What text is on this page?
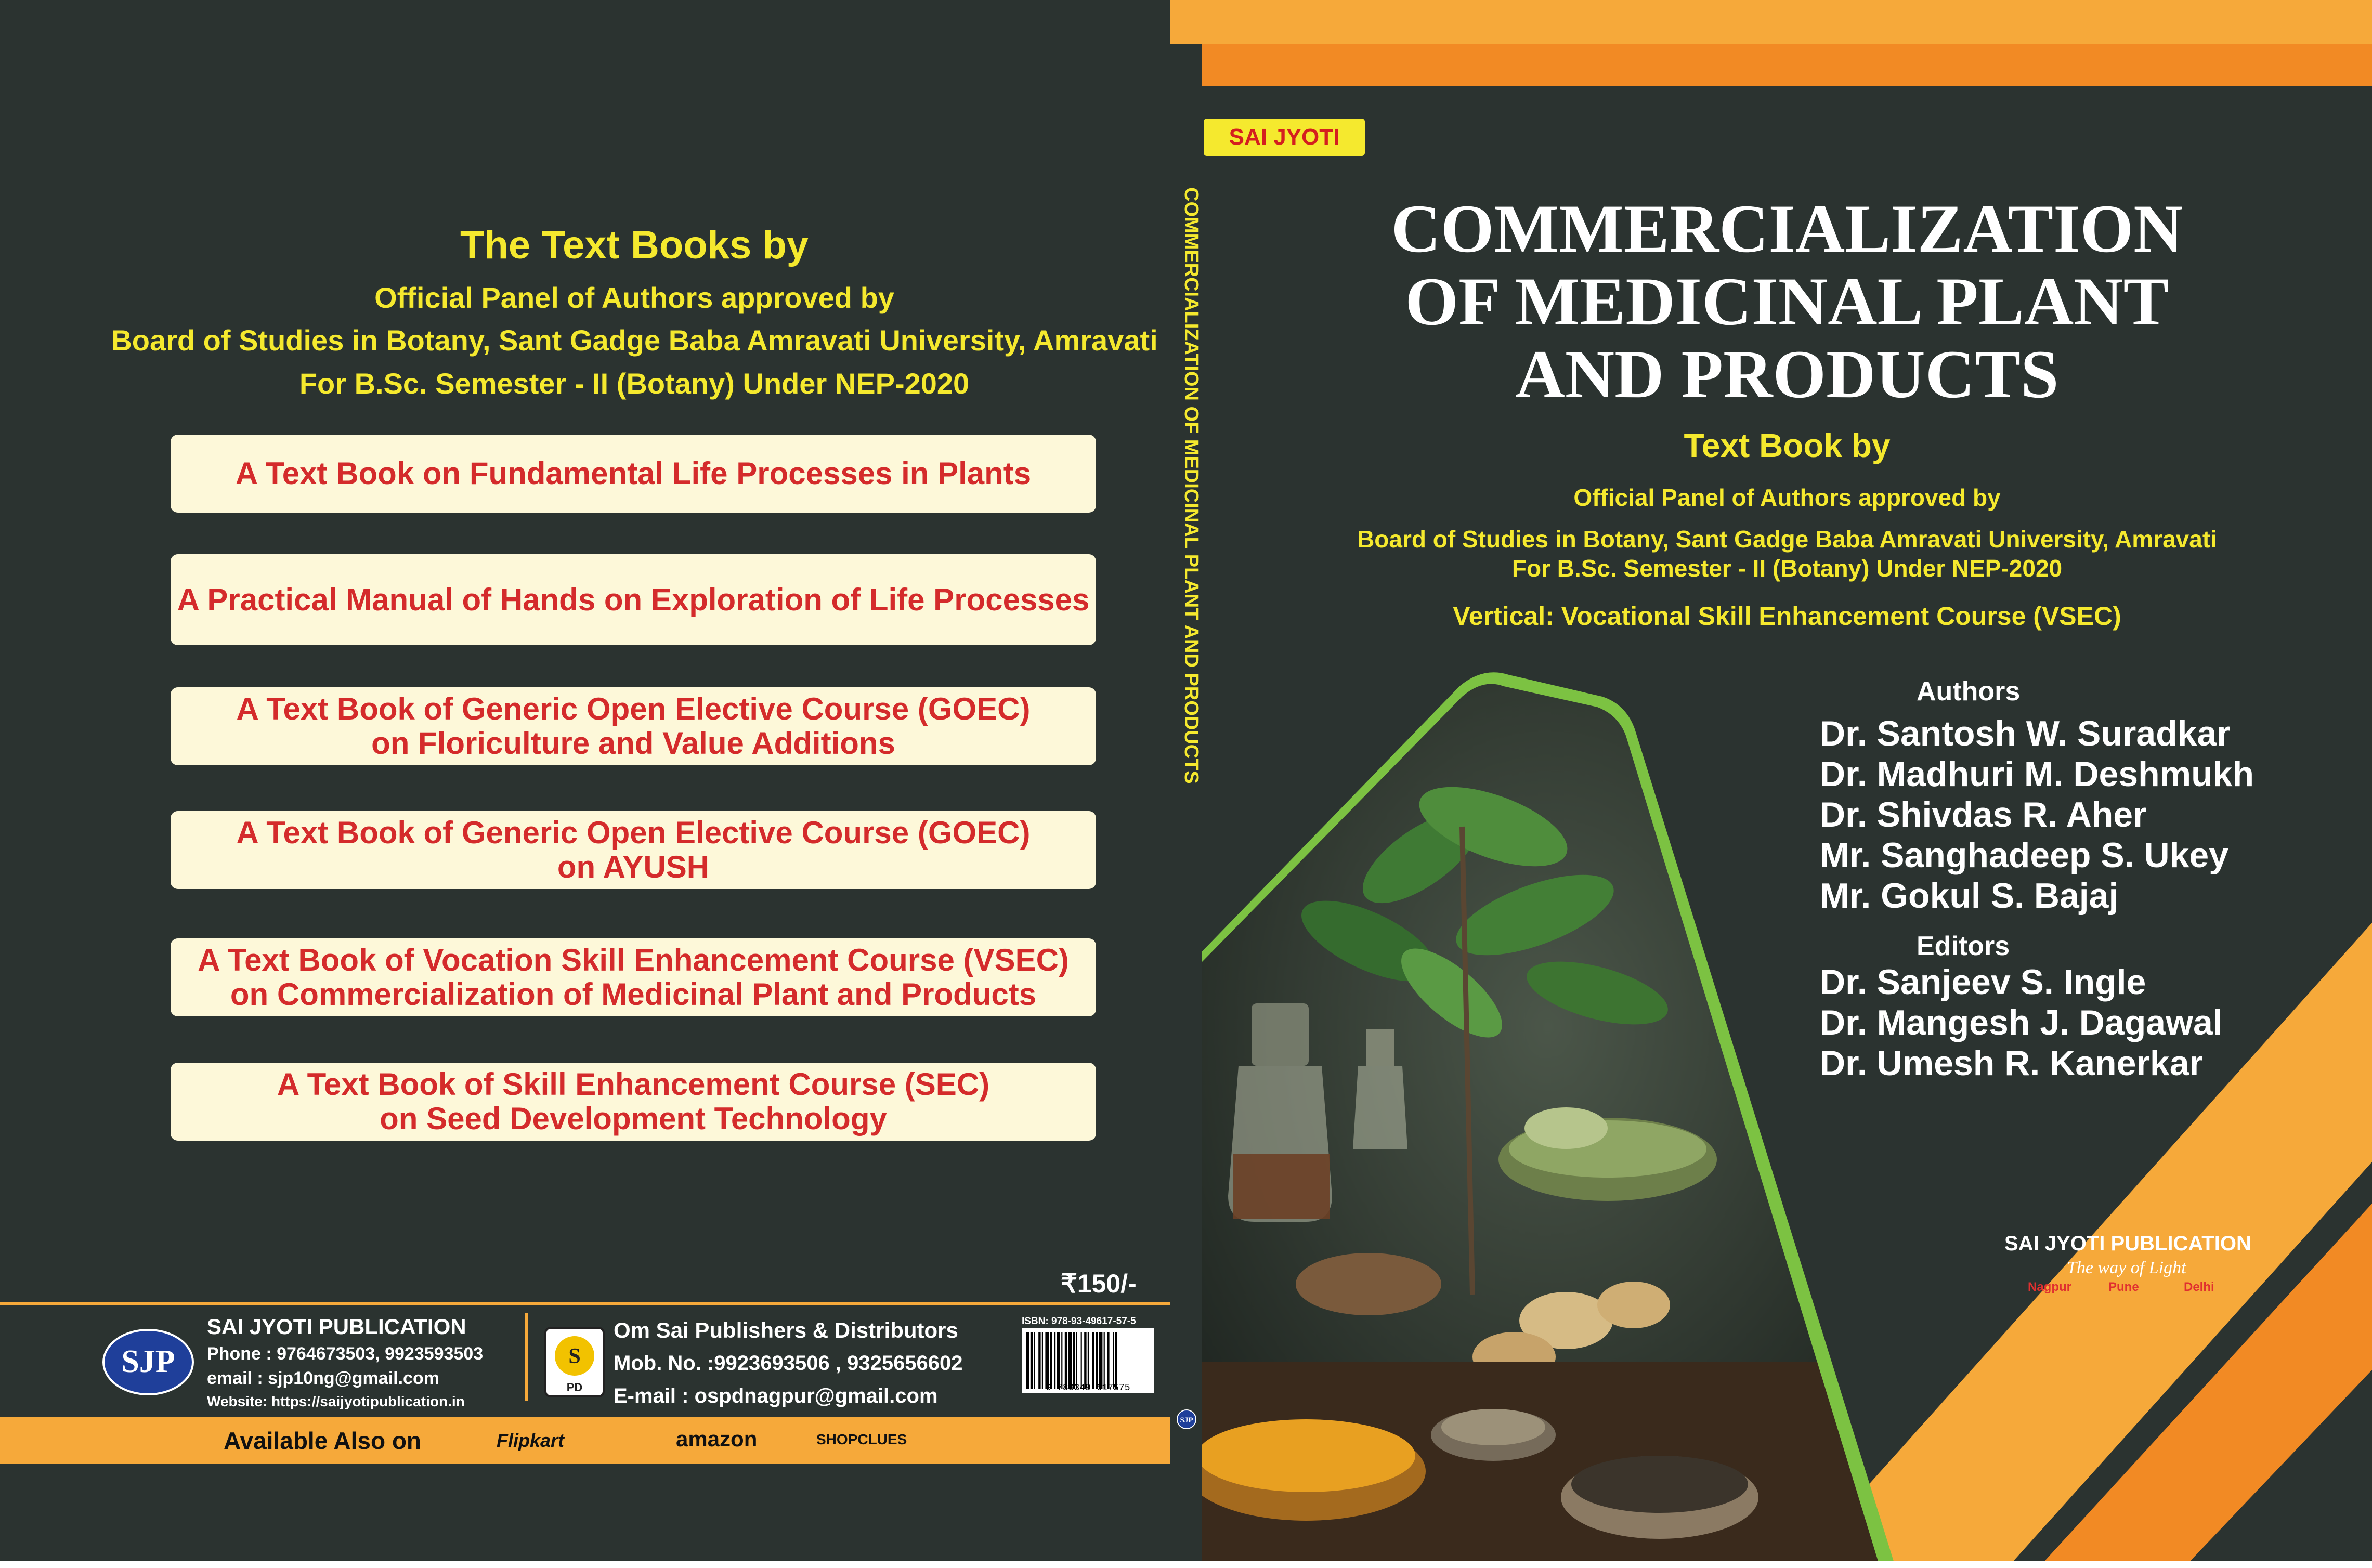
The Text Books by
Official Panel of Authors approved by
Board of Studies in Botany, Sant Gadge Baba Amravati University, Amravati
For B.Sc. Semester - II (Botany) Under NEP-2020
A Text Book on Fundamental Life Processes in Plants
A Practical Manual of Hands on Exploration of Life Processes
A Text Book of Generic Open Elective Course (GOEC)
on Floriculture and Value Additions
A Text Book of Generic Open Elective Course (GOEC)
on AYUSH
A Text Book of Vocation Skill Enhancement Course (VSEC)
on Commercialization of Medicinal Plant and Products
A Text Book of Skill Enhancement Course (SEC)
on Seed Development Technology
₹150/-
SJP
SAI JYOTI PUBLICATION
Phone : 9764673503, 9923593503
email : sjp10ng@gmail.com
Website: https://saijyotipublication.in
S
PD
Om Sai Publishers & Distributors
Mob. No. :9923693506 , 9325656602
E-mail : ospdnagpur@gmail.com
ISBN: 978-93-49617-57-5
9 789349 617575
Available Also on	Flipkart	amazon	SHOPCLUES
COMMERCIALIZATION OF MEDICINAL PLANT AND PRODUCTS
SJP
SAI JYOTI
COMMERCIALIZATION
OF MEDICINAL PLANT
AND PRODUCTS
Text Book by
Official Panel of Authors approved by
Board of Studies in Botany, Sant Gadge Baba Amravati University, Amravati
For B.Sc. Semester - II (Botany) Under NEP-2020
Vertical: Vocational Skill Enhancement Course (VSEC)
Authors
Dr. Santosh W. Suradkar
Dr. Madhuri M. Deshmukh
Dr. Shivdas R. Aher
Mr. Sanghadeep S. Ukey
Mr. Gokul S. Bajaj
Editors
Dr. Sanjeev S. Ingle
Dr. Mangesh J. Dagawal
Dr. Umesh R. Kanerkar
SAI JYOTI PUBLICATION
The way of Light
Nagpur	Pune	Delhi
